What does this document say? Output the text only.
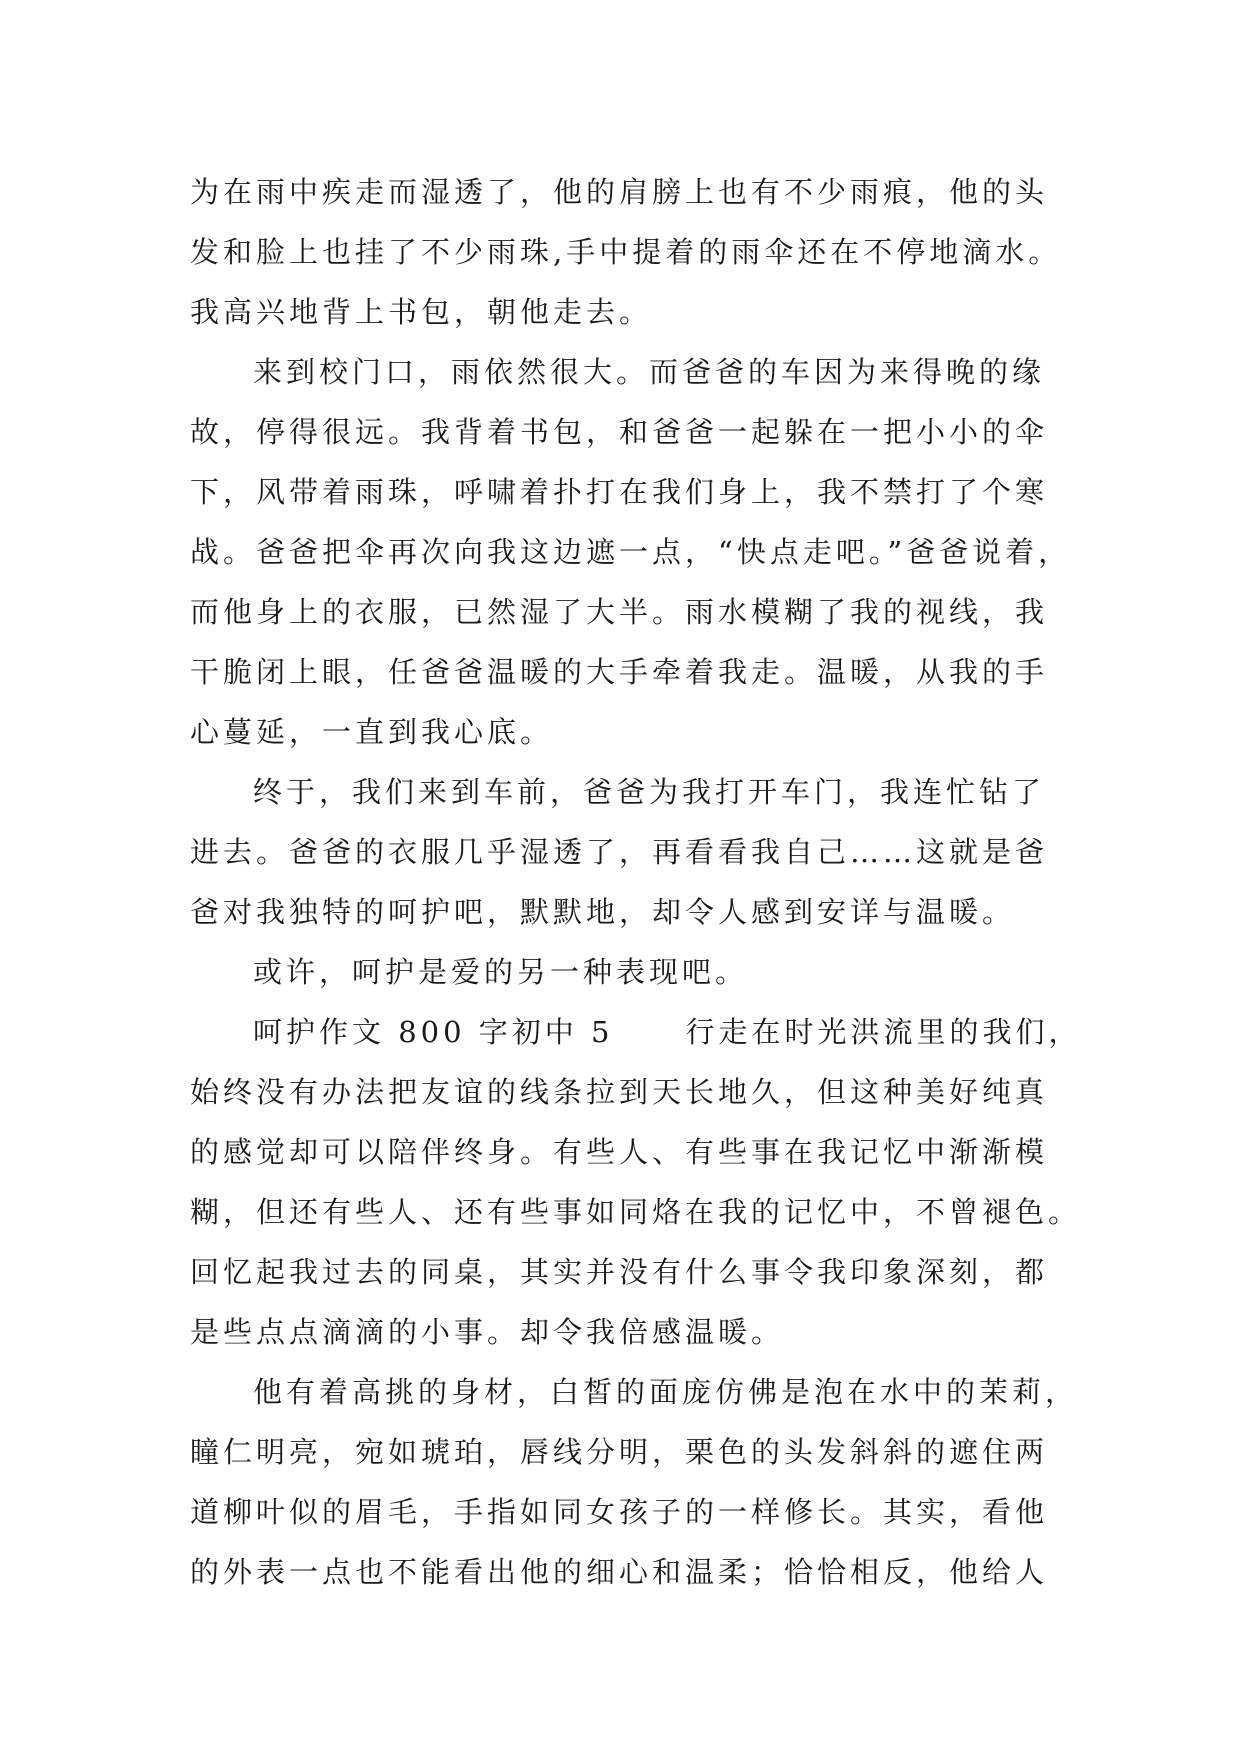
为在雨中疾走而湿透了，他的肩膀上也有不少雨痕，他的头
发和脸上也挂了不少雨珠,手中提着的雨伞还在不停地滴水。
我高兴地背上书包，朝他走去。
来到校门口，雨依然很大。而爸爸的车因为来得晚的缘
故，停得很远。我背着书包，和爸爸一起躲在一把小小的伞
下，风带着雨珠，呼啸着扑打在我们身上，我不禁打了个寒
战。爸爸把伞再次向我这边遮一点，“快点走吧。”爸爸说着，
而他身上的衣服，已然湿了大半。雨水模糊了我的视线，我
干脆闭上眼，任爸爸温暖的大手牵着我走。温暖，从我的手
心蔓延，一直到我心底。
终于，我们来到车前，爸爸为我打开车门，我连忙钻了
进去。爸爸的衣服几乎湿透了，再看看我自己……这就是爸
爸对我独特的呵护吧，默默地，却令人感到安详与温暖。
或许，呵护是爱的另一种表现吧。
呵护作文 800 字初中 5 行走在时光洪流里的我们，
始终没有办法把友谊的线条拉到天长地久，但这种美好纯真
的感觉却可以陪伴终身。有些人、有些事在我记忆中渐渐模
糊，但还有些人、还有些事如同烙在我的记忆中，不曾褪色。
回忆起我过去的同桌，其实并没有什么事令我印象深刻，都
是些点点滴滴的小事。却令我倍感温暖。
他有着高挑的身材，白皙的面庞仿佛是泡在水中的茉莉，
瞳仁明亮，宛如琥珀，唇线分明，栗色的头发斜斜的遮住两
道柳叶似的眉毛，手指如同女孩子的一样修长。其实，看他
的外表一点也不能看出他的细心和温柔；恰恰相反，他给人
